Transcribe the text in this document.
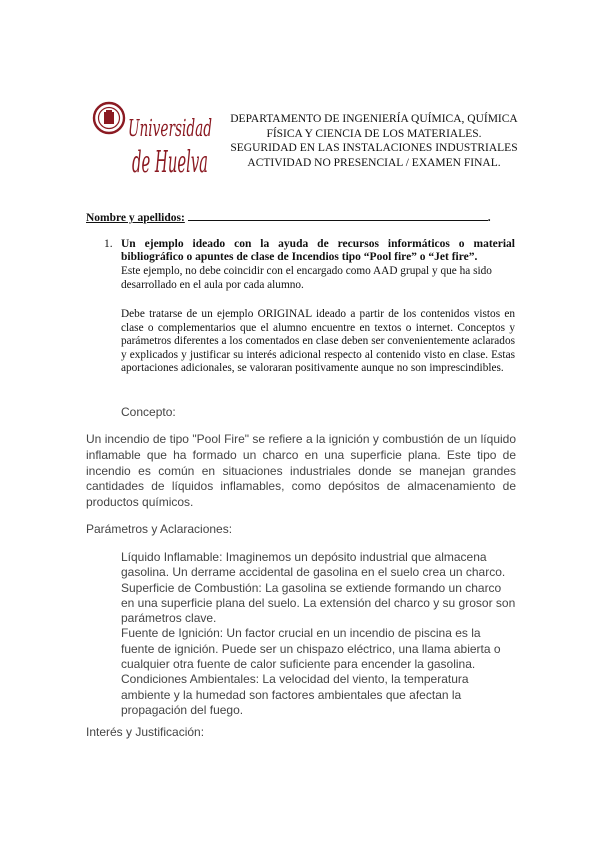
Universidad
de Huelva
DEPARTAMENTO DE INGENIERÍA QUÍMICA, QUÍMICA
FÍSICA Y CIENCIA DE LOS MATERIALES.
SEGURIDAD EN LAS INSTALACIONES INDUSTRIALES
ACTIVIDAD NO PRESENCIAL / EXAMEN FINAL.
Nombre y apellidos:	.
1. Un ejemplo ideado con la ayuda de recursos informáticos o material bibliográfico o apuntes de clase de Incendios tipo “Pool fire” o “Jet fire”.
Este ejemplo, no debe coincidir con el encargado como AAD grupal y que ha sido desarrollado en el aula por cada alumno.
Debe tratarse de un ejemplo ORIGINAL ideado a partir de los contenidos vistos en clase o complementarios que el alumno encuentre en textos o internet. Conceptos y parámetros diferentes a los comentados en clase deben ser convenientemente aclarados y explicados y justificar su interés adicional respecto al contenido visto en clase. Estas aportaciones adicionales, se valoraran positivamente aunque no son imprescindibles.
Concepto:
Un incendio de tipo "Pool Fire" se refiere a la ignición y combustión de un líquido inflamable que ha formado un charco en una superficie plana. Este tipo de incendio es común en situaciones industriales donde se manejan grandes cantidades de líquidos inflamables, como depósitos de almacenamiento de productos químicos.
Parámetros y Aclaraciones:

Líquido Inflamable: Imaginemos un depósito industrial que almacena gasolina. Un derrame accidental de gasolina en el suelo crea un charco.

Superficie de Combustión: La gasolina se extiende formando un charco en una superficie plana del suelo. La extensión del charco y su grosor son parámetros clave.

Fuente de Ignición: Un factor crucial en un incendio de piscina es la fuente de ignición. Puede ser un chispazo eléctrico, una llama abierta o cualquier otra fuente de calor suficiente para encender la gasolina.

Condiciones Ambientales: La velocidad del viento, la temperatura ambiente y la humedad son factores ambientales que afectan la propagación del fuego.

Interés y Justificación:
